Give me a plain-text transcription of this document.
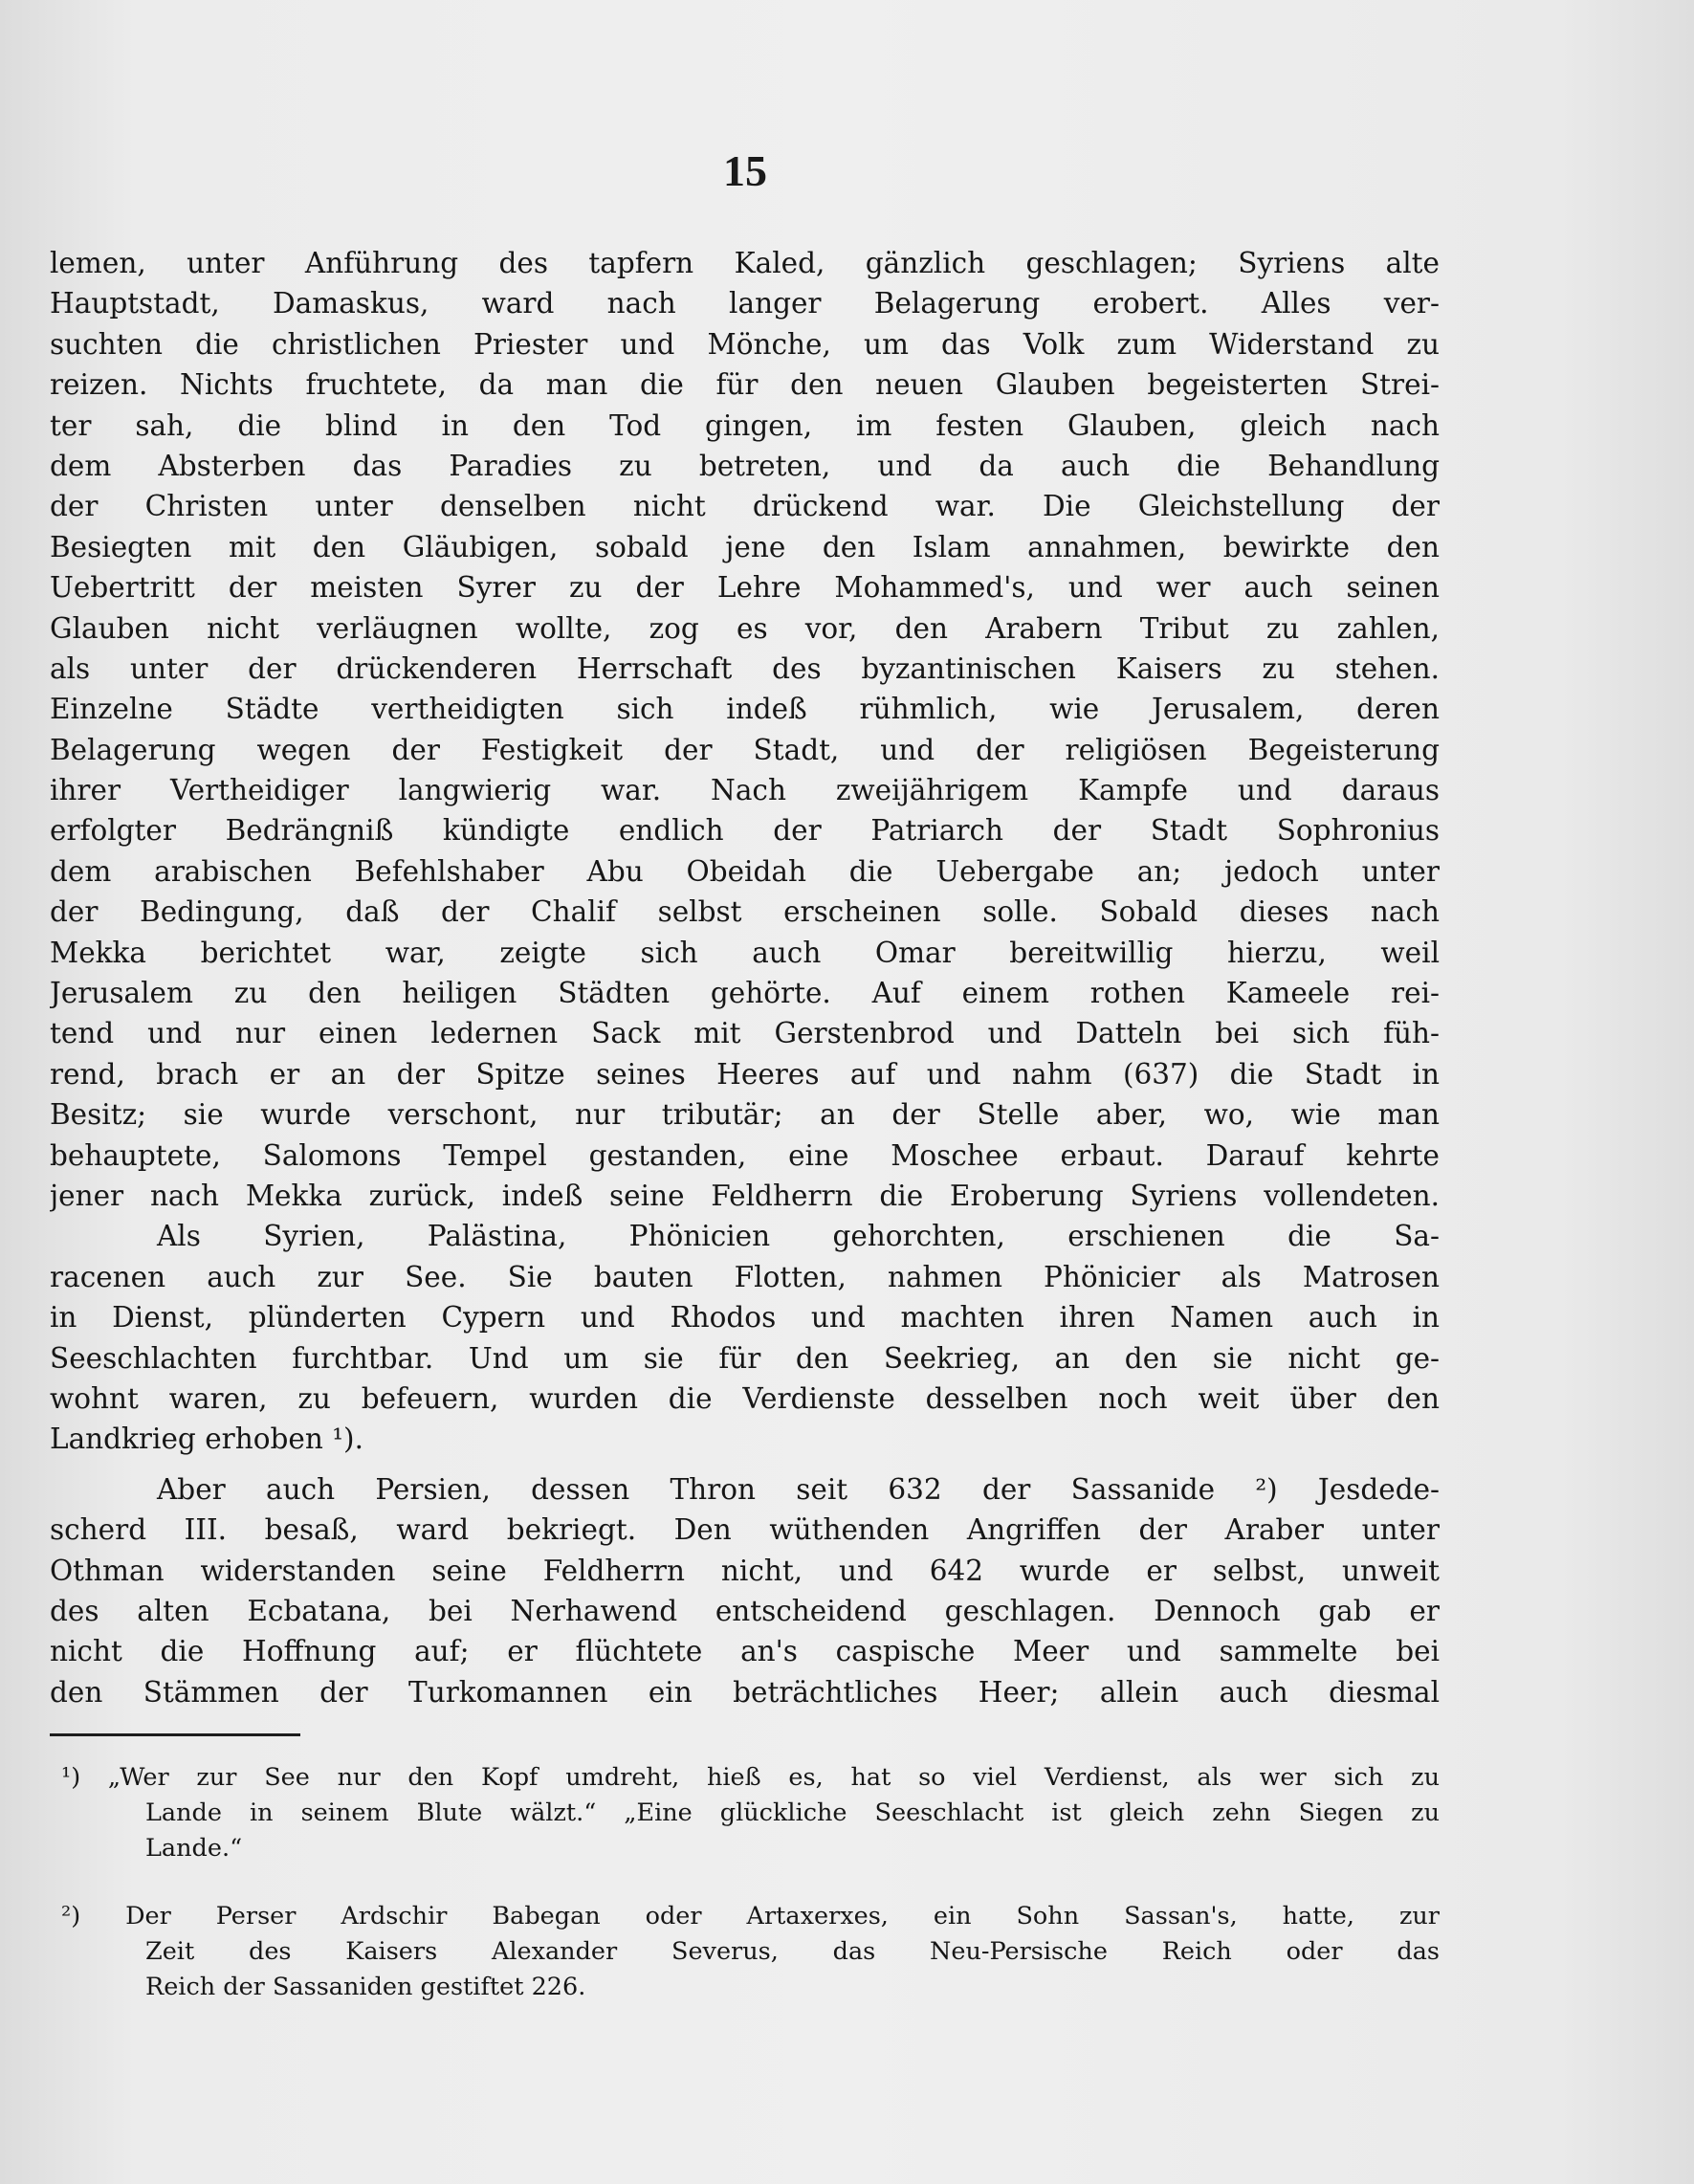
15
lemen, unter Anführung des tapfern Kaled, gänzlich geschlagen; Syriens alte
Hauptstadt, Damaskus, ward nach langer Belagerung erobert. Alles ver-
suchten die christlichen Priester und Mönche, um das Volk zum Widerstand zu
reizen. Nichts fruchtete, da man die für den neuen Glauben begeisterten Strei-
ter sah, die blind in den Tod gingen, im festen Glauben, gleich nach
dem Absterben das Paradies zu betreten, und da auch die Behandlung
der Christen unter denselben nicht drückend war. Die Gleichstellung der
Besiegten mit den Gläubigen, sobald jene den Islam annahmen, bewirkte den
Uebertritt der meisten Syrer zu der Lehre Mohammed's, und wer auch seinen
Glauben nicht verläugnen wollte, zog es vor, den Arabern Tribut zu zahlen,
als unter der drückenderen Herrschaft des byzantinischen Kaisers zu stehen.
Einzelne Städte vertheidigten sich indeß rühmlich, wie Jerusalem, deren
Belagerung wegen der Festigkeit der Stadt, und der religiösen Begeisterung
ihrer Vertheidiger langwierig war. Nach zweijährigem Kampfe und daraus
erfolgter Bedrängniß kündigte endlich der Patriarch der Stadt Sophronius
dem arabischen Befehlshaber Abu Obeidah die Uebergabe an; jedoch unter
der Bedingung, daß der Chalif selbst erscheinen solle. Sobald dieses nach
Mekka berichtet war, zeigte sich auch Omar bereitwillig hierzu, weil
Jerusalem zu den heiligen Städten gehörte. Auf einem rothen Kameele rei-
tend und nur einen ledernen Sack mit Gerstenbrod und Datteln bei sich füh-
rend, brach er an der Spitze seines Heeres auf und nahm (637) die Stadt in
Besitz; sie wurde verschont, nur tributär; an der Stelle aber, wo, wie man
behauptete, Salomons Tempel gestanden, eine Moschee erbaut. Darauf kehrte
jener nach Mekka zurück, indeß seine Feldherrn die Eroberung Syriens vollendeten.
Als Syrien, Palästina, Phönicien gehorchten, erschienen die Sa-
racenen auch zur See. Sie bauten Flotten, nahmen Phönicier als Matrosen
in Dienst, plünderten Cypern und Rhodos und machten ihren Namen auch in
Seeschlachten furchtbar. Und um sie für den Seekrieg, an den sie nicht ge-
wohnt waren, zu befeuern, wurden die Verdienste desselben noch weit über den
Landkrieg erhoben ¹).
Aber auch Persien, dessen Thron seit 632 der Sassanide ²) Jesdede-
scherd III. besaß, ward bekriegt. Den wüthenden Angriffen der Araber unter
Othman widerstanden seine Feldherrn nicht, und 642 wurde er selbst, unweit
des alten Ecbatana, bei Nerhawend entscheidend geschlagen. Dennoch gab er
nicht die Hoffnung auf; er flüchtete an's caspische Meer und sammelte bei
den Stämmen der Turkomannen ein beträchtliches Heer; allein auch diesmal
¹) „Wer zur See nur den Kopf umdreht, hieß es, hat so viel Verdienst, als wer sich zu
Lande in seinem Blute wälzt.“ „Eine glückliche Seeschlacht ist gleich zehn Siegen zu
Lande.“
²) Der Perser Ardschir Babegan oder Artaxerxes, ein Sohn Sassan's, hatte, zur
Zeit des Kaisers Alexander Severus, das Neu-Persische Reich oder das
Reich der Sassaniden gestiftet 226.
